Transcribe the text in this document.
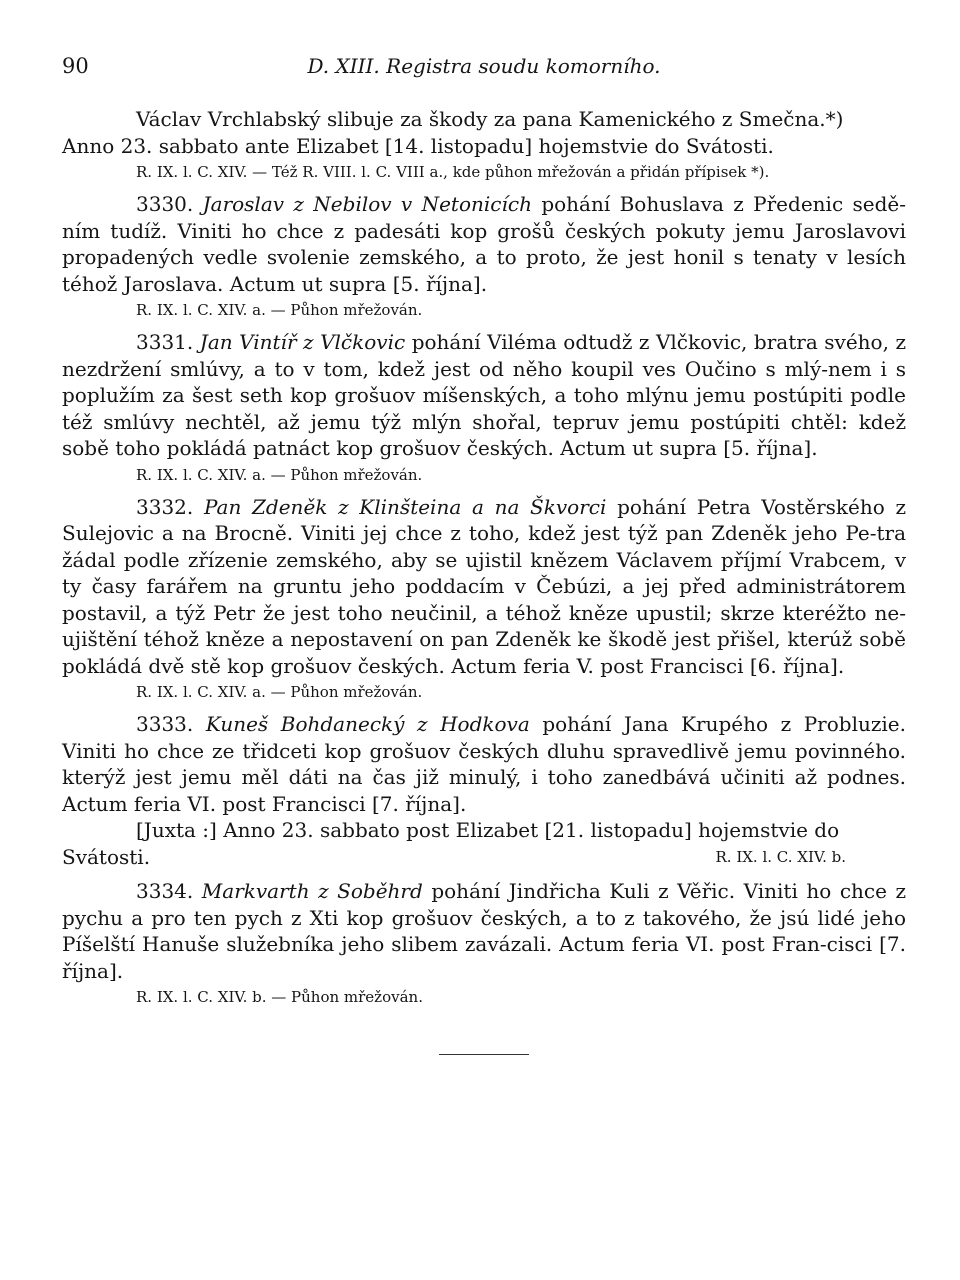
90	D. XIII. Registra soudu komorního.

Václav Vrchlabský slibuje za škody za pana Kamenického z Smečna.*)

Anno 23. sabbato ante Elizabet [14. listopadu] hojemstvie do Svátosti.

R. IX. l. C. XIV. — Též R. VIII. l. C. VIII a., kde půhon mřežován a přidán přípisek *).

3330. Jaroslav z Nebilov v Netonicích pohání Bohuslava z Předenic sedě-ním tudíž. Viniti ho chce z padesáti kop grošů českých pokuty jemu Jaroslavovi propadených vedle svolenie zemského, a to proto, že jest honil s tenaty v lesích téhož Jaroslava. Actum ut supra [5. října].

R. IX. l. C. XIV. a. — Půhon mřežován.

3331. Jan Vintíř z Vlčkovic pohání Viléma odtudž z Vlčkovic, bratra svého, z nezdržení smlúvy, a to v tom, kdež jest od něho koupil ves Oučino s mlý-nem i s poplužím za šest seth kop grošuov míšenských, a toho mlýnu jemu postúpiti podle též smlúvy nechtěl, až jemu týž mlýn shořal, tepruv jemu postúpiti chtěl: kdež sobě toho pokládá patnáct kop grošuov českých. Actum ut supra [5. října].

R. IX. l. C. XIV. a. — Půhon mřežován.

3332. Pan Zdeněk z Klinšteina a na Škvorci pohání Petra Vostěrského z Sulejovic a na Brocně. Viniti jej chce z toho, kdež jest týž pan Zdeněk jeho Pe-tra žádal podle zřízenie zemského, aby se ujistil knězem Václavem příjmí Vrabcem, v ty časy farářem na gruntu jeho poddacím v Čebúzi, a jej před administrátorem postavil, a týž Petr že jest toho neučinil, a téhož kněze upustil; skrze kteréžto ne-ujištění téhož kněze a nepostavení on pan Zdeněk ke škodě jest přišel, kterúž sobě pokládá dvě stě kop grošuov českých. Actum feria V. post Francisci [6. října].

R. IX. l. C. XIV. a. — Půhon mřežován.

3333. Kuneš Bohdanecký z Hodkova pohání Jana Krupého z Probluzie. Viniti ho chce ze třidceti kop grošuov českých dluhu spravedlivě jemu povinného. kterýž jest jemu měl dáti na čas již minulý, i toho zanedbává učiniti až podnes. Actum feria VI. post Francisci [7. října].

[Juxta :] Anno 23. sabbato post Elizabet [21. listopadu] hojemstvie do

Svátosti.	R. IX. l. C. XIV. b.

3334. Markvarth z Soběhrd pohání Jindřicha Kuli z Věřic. Viniti ho chce z pychu a pro ten pych z Xti kop grošuov českých, a to z takového, že jsú lidé jeho Píšelští Hanuše služebníka jeho slibem zavázali. Actum feria VI. post Fran-cisci [7. října].

R. IX. l. C. XIV. b. — Půhon mřežován.
